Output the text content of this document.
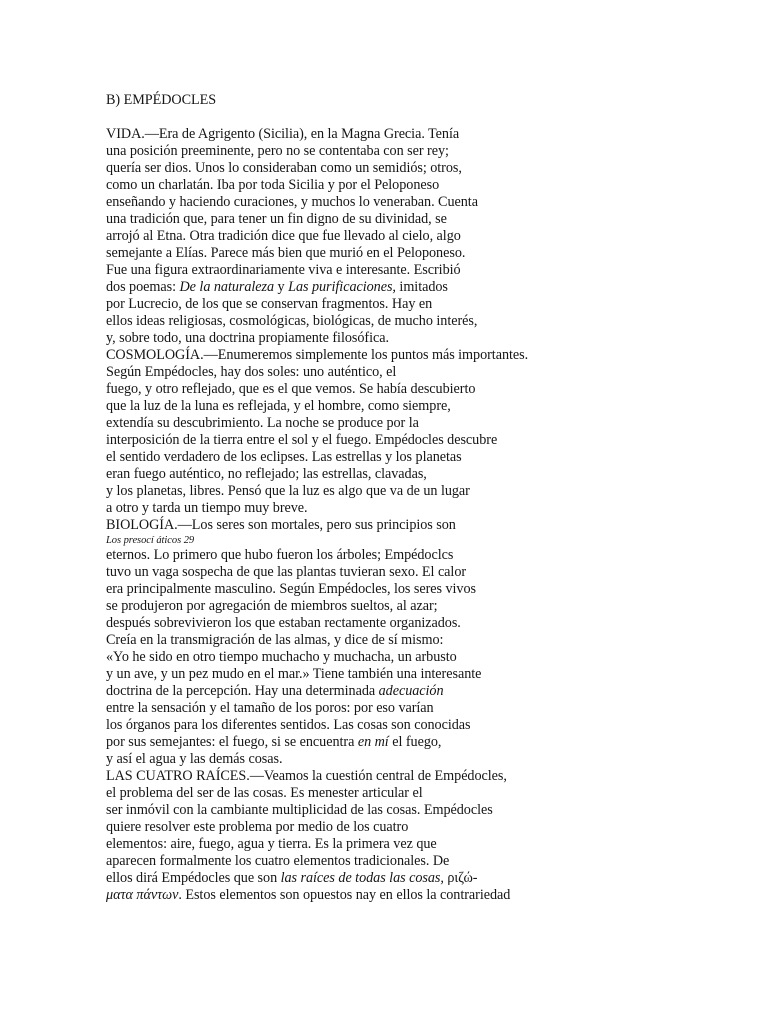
B) EMPÉDOCLES
VIDA.—Era de Agrigento (Sicilia), en la Magna Grecia. Tenía
una posición preeminente, pero no se contentaba con ser rey;
quería ser dios. Unos lo consideraban como un semidiós; otros,
como un charlatán. Iba por toda Sicilia y por el Peloponeso
enseñando y haciendo curaciones, y muchos lo veneraban. Cuenta
una tradición que, para tener un fin digno de su divinidad, se
arrojó al Etna. Otra tradición dice que fue llevado al cielo, algo
semejante a Elías. Parece más bien que murió en el Peloponeso.
Fue una figura extraordinariamente viva e interesante. Escribió
dos poemas: De la naturaleza y Las purificaciones, imitados
por Lucrecio, de los que se conservan fragmentos. Hay en
ellos ideas religiosas, cosmológicas, biológicas, de mucho interés,
y, sobre todo, una doctrina propiamente filosófica.
COSMOLOGÍA.—Enumeremos simplemente los puntos más importantes.
Según Empédocles, hay dos soles: uno auténtico, el
fuego, y otro reflejado, que es el que vemos. Se había descubierto
que la luz de la luna es reflejada, y el hombre, como siempre,
extendía su descubrimiento. La noche se produce por la
interposición de la tierra entre el sol y el fuego. Empédocles descubre
el sentido verdadero de los eclipses. Las estrellas y los planetas
eran fuego auténtico, no reflejado; las estrellas, clavadas,
y los planetas, libres. Pensó que la luz es algo que va de un lugar
a otro y tarda un tiempo muy breve.
BIOLOGÍA.—Los seres son mortales, pero sus principios son
Los presocí áticos 29
eternos. Lo primero que hubo fueron los árboles; Empédoclcs
tuvo un vaga sospecha de que las plantas tuvieran sexo. El calor
era principalmente masculino. Según Empédocles, los seres vivos
se produjeron por agregación de miembros sueltos, al azar;
después sobrevivieron los que estaban rectamente organizados.
Creía en la transmigración de las almas, y dice de sí mismo:
«Yo he sido en otro tiempo muchacho y muchacha, un arbusto
y un ave, y un pez mudo en el mar.» Tiene también una interesante
doctrina de la percepción. Hay una determinada adecuación
entre la sensación y el tamaño de los poros: por eso varían
los órganos para los diferentes sentidos. Las cosas son conocidas
por sus semejantes: el fuego, si se encuentra en mí el fuego,
y así el agua y las demás cosas.
LAS CUATRO RAÍCES.—Veamos la cuestión central de Empédocles,
el problema del ser de las cosas. Es menester articular el
ser inmóvil con la cambiante multiplicidad de las cosas. Empédocles
quiere resolver este problema por medio de los cuatro
elementos: aire, fuego, agua y tierra. Es la primera vez que
aparecen formalmente los cuatro elementos tradicionales. De
ellos dirá Empédocles que son las raíces de todas las cosas, ριζώ-
ματα πάντων. Estos elementos son opuestos nay en ellos la contrariedad
